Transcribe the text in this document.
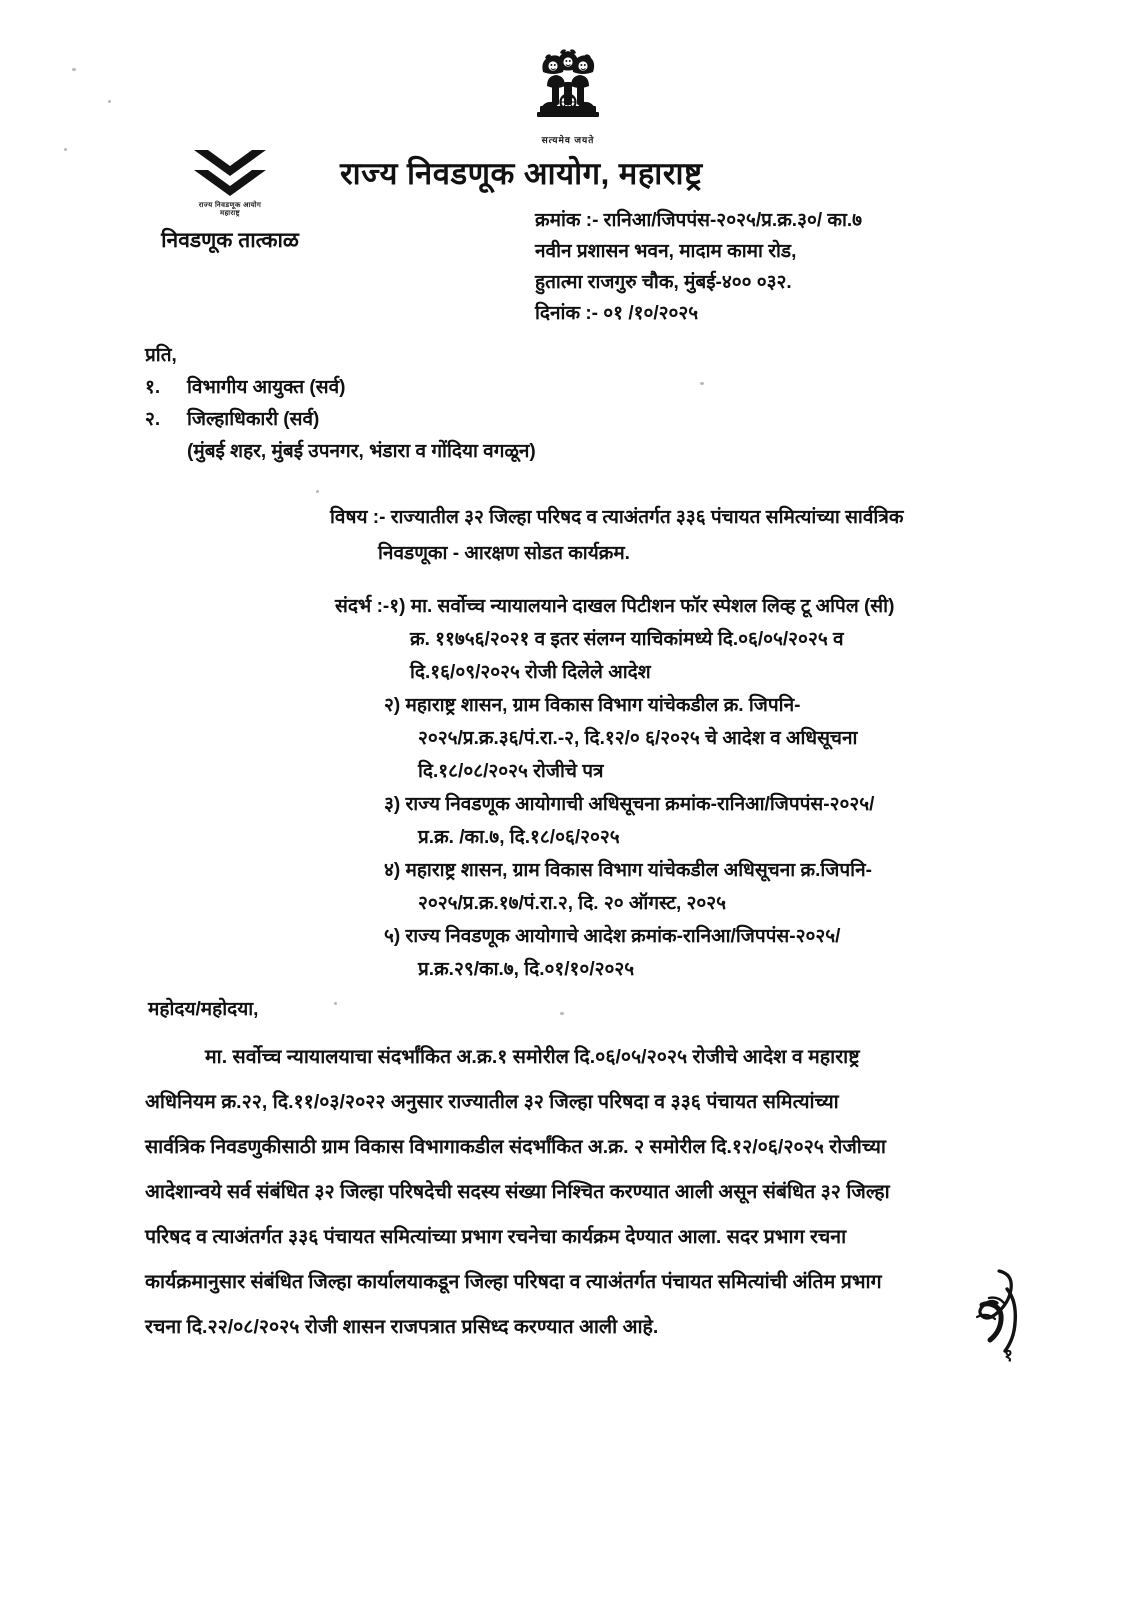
सत्यमेव जयते
राज्य निवडणूक आयोग
महाराष्ट्र
निवडणूक तात्काळ
राज्य निवडणूक आयोग, महाराष्ट्र
क्रमांक :- रानिआ/जिपपंस-२०२५/प्र.क्र.३०/ का.७
नवीन प्रशासन भवन, मादाम कामा रोड,
हुतात्मा राजगुरु चौक, मुंबई-४०० ०३२.
दिनांक :- ०१ /१०/२०२५
प्रति,
१.	विभागीय आयुक्त (सर्व)
२.	जिल्हाधिकारी (सर्व)
(मुंबई शहर, मुंबई उपनगर, भंडारा व गोंदिया वगळून)
विषय :- राज्यातील ३२ जिल्हा परिषद व त्याअंतर्गत ३३६ पंचायत समित्यांच्या सार्वत्रिक
निवडणूका - आरक्षण सोडत कार्यक्रम.
संदर्भ :-१) मा. सर्वोच्च न्यायालयाने दाखल पिटीशन फॉर स्पेशल लिव्ह टू अपिल (सी)
क्र. ११७५६/२०२१ व इतर संलग्न याचिकांमध्ये दि.०६/०५/२०२५ व
दि.१६/०९/२०२५ रोजी दिलेले आदेश
२) महाराष्ट्र शासन, ग्राम विकास विभाग यांचेकडील क्र. जिपनि-
२०२५/प्र.क्र.३६/पं.रा.-२, दि.१२/० ६/२०२५ चे आदेश व अधिसूचना
दि.१८/०८/२०२५ रोजीचे पत्र
३) राज्य निवडणूक आयोगाची अधिसूचना क्रमांक-रानिआ/जिपपंस-२०२५/
प्र.क्र. /का.७, दि.१८/०६/२०२५
४) महाराष्ट्र शासन, ग्राम विकास विभाग यांचेकडील अधिसूचना क्र.जिपनि-
२०२५/प्र.क्र.१७/पं.रा.२, दि. २० ऑगस्ट, २०२५
५) राज्य निवडणूक आयोगाचे आदेश क्रमांक-रानिआ/जिपपंस-२०२५/
प्र.क्र.२९/का.७, दि.०१/१०/२०२५
महोदय/महोदया,
मा. सर्वोच्च न्यायालयाचा संदर्भांकित अ.क्र.१ समोरील दि.०६/०५/२०२५ रोजीचे आदेश व महाराष्ट्र
अधिनियम क्र.२२, दि.११/०३/२०२२ अनुसार राज्यातील ३२ जिल्हा परिषदा व ३३६ पंचायत समित्यांच्या
सार्वत्रिक निवडणुकीसाठी ग्राम विकास विभागाकडील संदर्भांकित अ.क्र. २ समोरील दि.१२/०६/२०२५ रोजीच्या
आदेशान्वये सर्व संबंधित ३२ जिल्हा परिषदेची सदस्य संख्या निश्चित करण्यात आली असून संबंधित ३२ जिल्हा
परिषद व त्याअंतर्गत ३३६ पंचायत समित्यांच्या प्रभाग रचनेचा कार्यक्रम देण्यात आला. सदर प्रभाग रचना
कार्यक्रमानुसार संबंधित जिल्हा कार्यालयाकडून जिल्हा परिषदा व त्याअंतर्गत पंचायत समित्यांची अंतिम प्रभाग
रचना दि.२२/०८/२०२५ रोजी शासन राजपत्रात प्रसिध्द करण्यात आली आहे.
१
